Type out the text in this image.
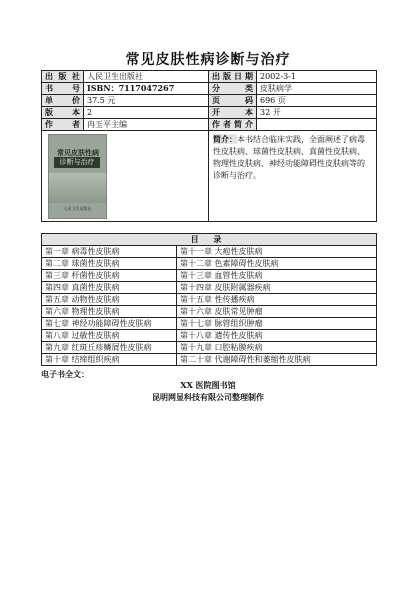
常见皮肤性病诊断与治疗
出版社	人民卫生出版社	出版日期	2002-3-1
书 号	ISBN：7117047267	分 类	皮肤病学
单 价	37.5 元	页 码	696 页
版 本	2	开 本	32 开
作 者	冉玉平主编	作者简介	

常见皮肤性病
诊断与治疗
人民卫生出版社		简介：本书结合临床实践，全面阐述了病毒性皮肤病、球菌性皮肤病、真菌性皮肤病、物理性皮肤病、神经功能障碍性皮肤病等的诊断与治疗。	
目 录	
第一章 病毒性皮肤病	第十一章 大疱性皮肤病
第二章 球菌性皮肤病	第十二章 色素障碍性皮肤病
第三章 杆菌性皮肤病	第十三章 血管性皮肤病
第四章 真菌性皮肤病	第十四章 皮肤附属器疾病
第五章 动物性皮肤病	第十五章 性传播疾病
第六章 物理性皮肤病	第十六章 皮肤常见肿瘤
第七章 神经功能障碍性皮肤病	第十七章 脉管组织肿瘤
第八章 过敏性皮肤病	第十八章 遗传性皮肤病
第九章 红斑丘疹鳞屑性皮肤病	第十九章 口腔粘膜疾病
第十章 结缔组织疾病	第二十章 代谢障碍性和萎缩性皮肤病
电子书全文：
XX 医院图书馆
昆明网显科技有限公司整理制作
